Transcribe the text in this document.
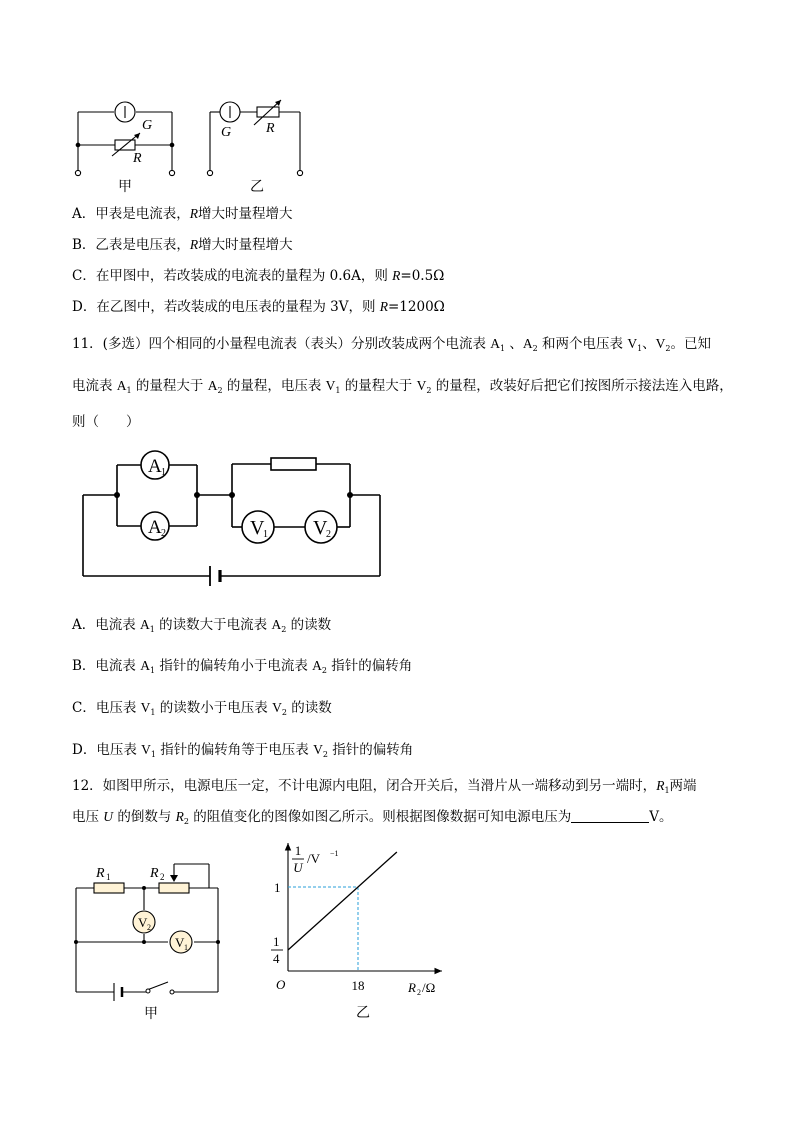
G
R
甲
G R
乙
A．甲表是电流表，R增大时量程增大
B．乙表是电压表，R增大时量程增大
C．在甲图中，若改装成的电流表的量程为 0.6A，则 R=0.5Ω
D．在乙图中，若改装成的电压表的量程为 3V，则 R=1200Ω
11．(多选）四个相同的小量程电流表（表头）分别改装成两个电流表 $A_1$ 、$A_2$ 和两个电压表 $V_1$、$V_2$。已知
电流表 $A_1$ 的量程大于 $A_2$ 的量程，电压表 $V_1$ 的量程大于 $V_2$ 的量程，改装好后把它们按图所示接法连入电路，
则（　　）
A 1
A 2	V
1 V
2
A．电流表 $A_1$ 的读数大于电流表 $A_2$ 的读数
B．电流表 $A_1$ 指针的偏转角小于电流表 $A_2$ 指针的偏转角
C．电压表 $V_1$ 的读数小于电压表 $V_2$ 的读数
D．电压表 $V_1$ 指针的偏转角等于电压表 $V_2$ 指针的偏转角
12．如图甲所示，电源电压一定，不计电源内电阻，闭合开关后，当滑片从一端移动到另一端时，$R_1$两端
电压 U 的倒数与 $R_2$ 的阻值变化的图像如图乙所示。则根据图像数据可知电源电压为	V。
R 1	R 2
V 2
V 1
甲
1
U
/V −1
1
1
4
O	18	R 2 /Ω
乙
